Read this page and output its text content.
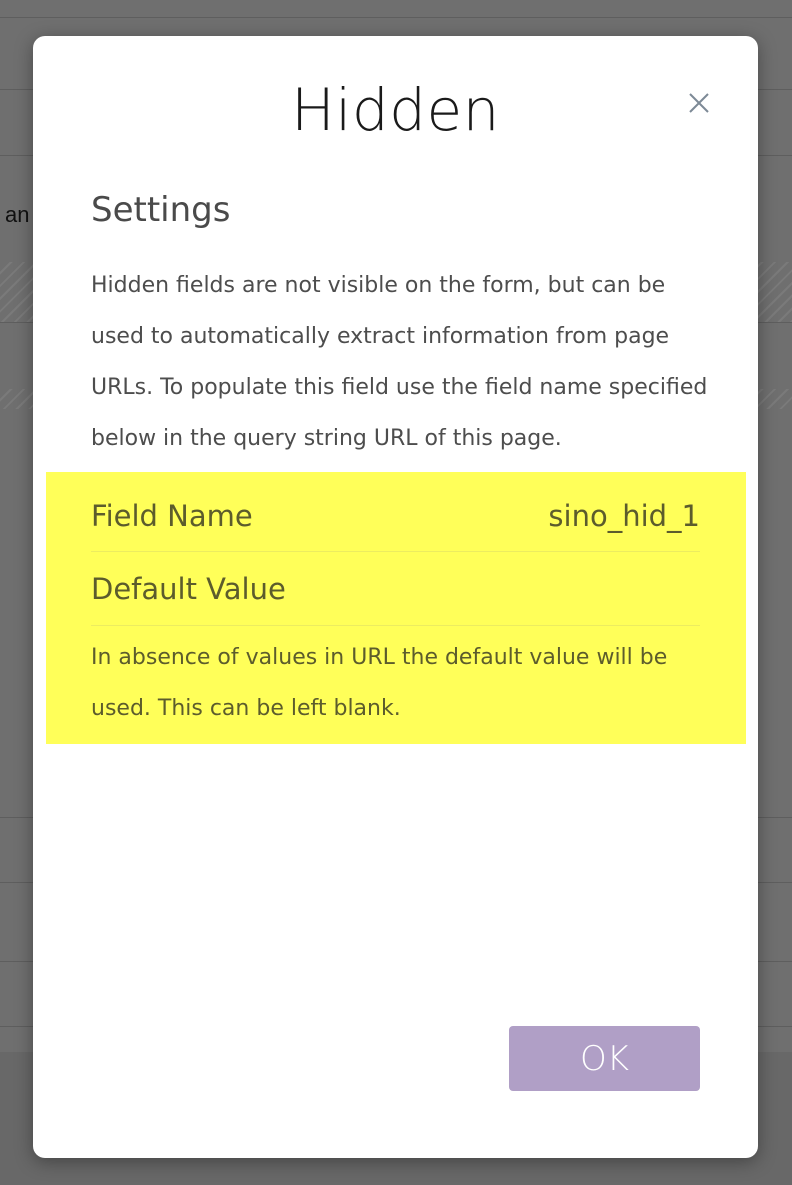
an
Hidden
Settings
Hidden fields are not visible on the form, but can be used to automatically extract information from page URLs. To populate this field use the field name specified below in the query string URL of this page.
Field Name	sino_hid_1
Default Value
In absence of values in URL the default value will be used. This can be left blank.
OK
